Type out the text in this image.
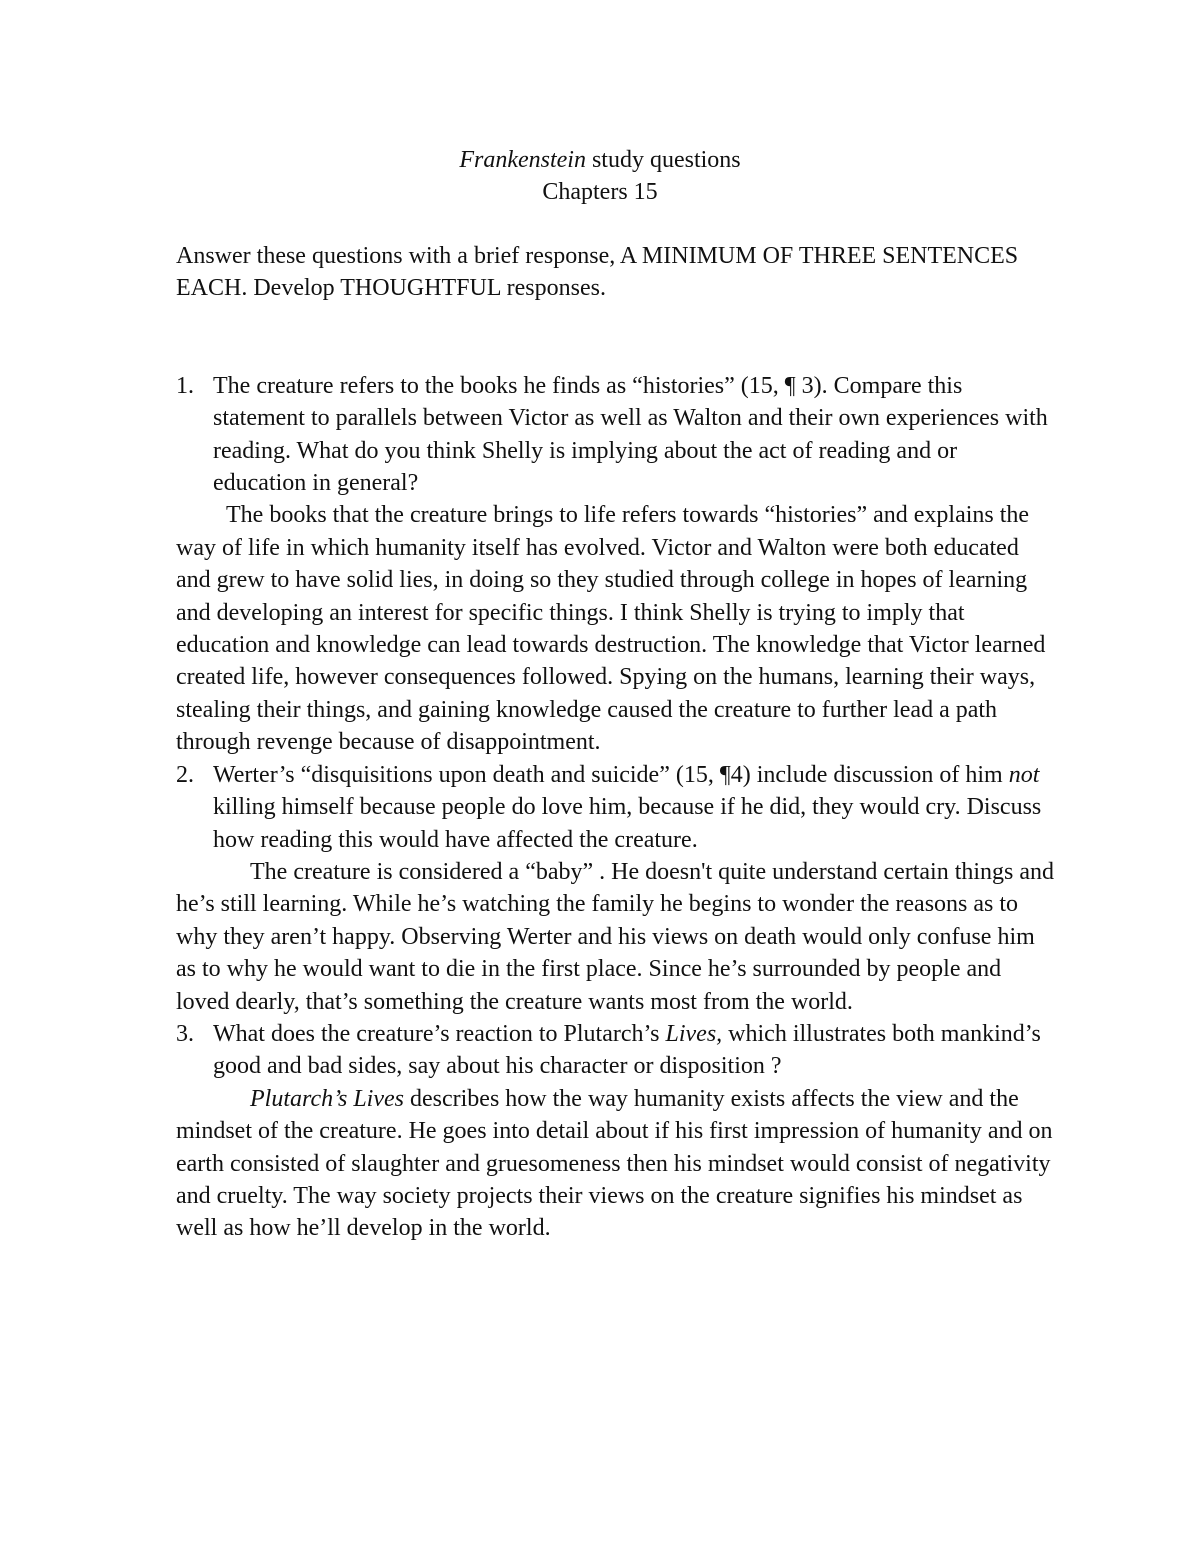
Frankenstein study questions
Chapters 15

Answer these questions with a brief response, A MINIMUM OF THREE SENTENCES EACH. Develop THOUGHTFUL responses.

1. The creature refers to the books he finds as “histories” (15, ¶ 3). Compare this statement to parallels between Victor as well as Walton and their own experiences with reading. What do you think Shelly is implying about the act of reading and or education in general?

The books that the creature brings to life refers towards “histories” and explains the way of life in which humanity itself has evolved. Victor and Walton were both educated and grew to have solid lies, in doing so they studied through college in hopes of learning and developing an interest for specific things. I think Shelly is trying to imply that education and knowledge can lead towards destruction. The knowledge that Victor learned created life, however consequences followed. Spying on the humans, learning their ways, stealing their things, and gaining knowledge caused the creature to further lead a path through revenge because of disappointment.

2. Werter’s “disquisitions upon death and suicide” (15, ¶4) include discussion of him not killing himself because people do love him, because if he did, they would cry. Discuss how reading this would have affected the creature.

The creature is considered a “baby” . He doesn't quite understand certain things and he’s still learning. While he’s watching the family he begins to wonder the reasons as to why they aren’t happy. Observing Werter and his views on death would only confuse him as to why he would want to die in the first place. Since he’s surrounded by people and loved dearly, that’s something the creature wants most from the world.

3. What does the creature’s reaction to Plutarch’s Lives, which illustrates both mankind’s good and bad sides, say about his character or disposition ?

Plutarch’s Lives describes how the way humanity exists affects the view and the mindset of the creature. He goes into detail about if his first impression of humanity and on earth consisted of slaughter and gruesomeness then his mindset would consist of negativity and cruelty. The way society projects their views on the creature signifies his mindset as well as how he’ll develop in the world.
